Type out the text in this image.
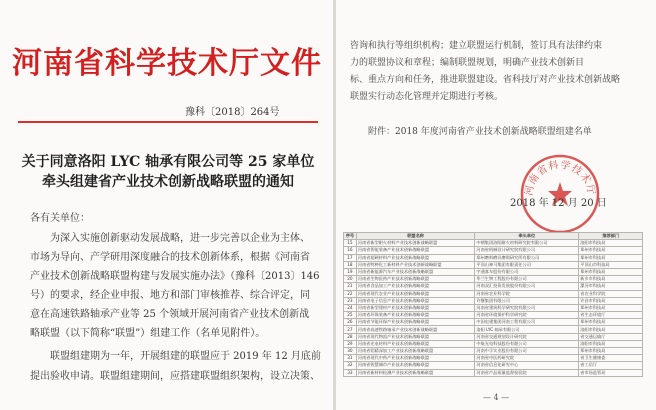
河南省科学技术厅文件
豫科〔2018〕264号
关于同意洛阳 LYC 轴承有限公司等 25 家单位
牵头组建省产业技术创新战略联盟的通知
各有关单位：
为深入实施创新驱动发展战略，进一步完善以企业为主体、
市场为导向、产学研用深度融合的技术创新体系，根据《河南省
产业技术创新战略联盟构建与发展实施办法》（豫科〔2013〕146
号）的要求，经企业申报、地方和部门审核推荐、综合评定，同
意在高速铁路轴承产业等 25 个领域开展河南省产业技术创新战
略联盟（以下简称“联盟”）组建工作（名单见附件）。
联盟组建期为一年，开展组建的联盟应于 2019 年 12 月底前
提出验收申请。联盟组建期间，应搭建联盟组织架构，设立决策、
咨询和执行等组织机构；建立联盟运行机制，签订具有法律约束
力的联盟协议和章程；编制联盟规划，明确产业技术创新目
标、重点方向和任务，推进联盟建设。省科技厅对产业技术创新战略
联盟实行动态化管理并定期进行考核。
附件：2018 年度河南省产业技术创新战略联盟组建名单
河南省科学技术厅
2018 年 12 月 20 日
序号	联盟名称	牵头单位	推荐部门
15	河南省新型耐火材料产业技术创新战略联盟	中钢集团洛阳耐火材料研究院有限公司	洛阳市科技局
16	河南省智能装备产业技术创新战略联盟	河南省机械设计研究院有限公司	郑州市科技局
17	河南省超硬材料产业技术创新战略联盟	郑州磨料磨具磨削研究所有限公司	郑州市科技局
18	河南省特种化工新材料产业技术创新战略联盟	平顶山神马集团有限责任公司	平顶山市科技局
19	河南省新能源汽车产业技术创新战略联盟	宇通客车股份有限公司	郑州市科技局
20	河南省生物医药产业技术创新战略联盟	华兰生物工程股份有限公司	新乡市科技局
21	河南省食品加工产业技术创新战略联盟	河南双汇投资发展股份有限公司	漯河市科技局
22	河南省现代农业产业技术创新战略联盟	河南省农业科学院	省农业科学院
23	河南省电子信息产业技术创新战略联盟	许继集团有限公司	许昌市科技局
24	河南省新型建材产业技术创新战略联盟	河南省建筑科学研究院有限公司	郑州市科技局
25	河南省环保装备产业技术创新战略联盟	河南省环境保护科学研究院	省生态环境厅
26	河南省节能环保产业技术创新战略联盟	中国电建集团河南工程有限公司	郑州市科技局
27	河南省高速铁路轴承产业技术创新战略联盟	洛阳 LYC 轴承有限公司	洛阳市科技局
28	河南省现代物流产业技术创新战略联盟	河南省交通规划设计研究院	省交通运输厅
29	河南省光电材料产业技术创新战略联盟	中航光电科技股份有限公司	洛阳市科技局
30	河南省铝精深加工产业技术创新战略联盟	河南中孚实业股份有限公司	郑州市科技局
31	河南省现代中药产业技术创新战略联盟	河南省中医药研究院	省卫生健康委
32	河南省智慧城市产业技术创新战略联盟	河南省信息化研究中心	省工信厅
33	河南省新材料检测产业技术创新战略联盟	河南省产品质量监督检验院	省市场监管局
— 4 —
